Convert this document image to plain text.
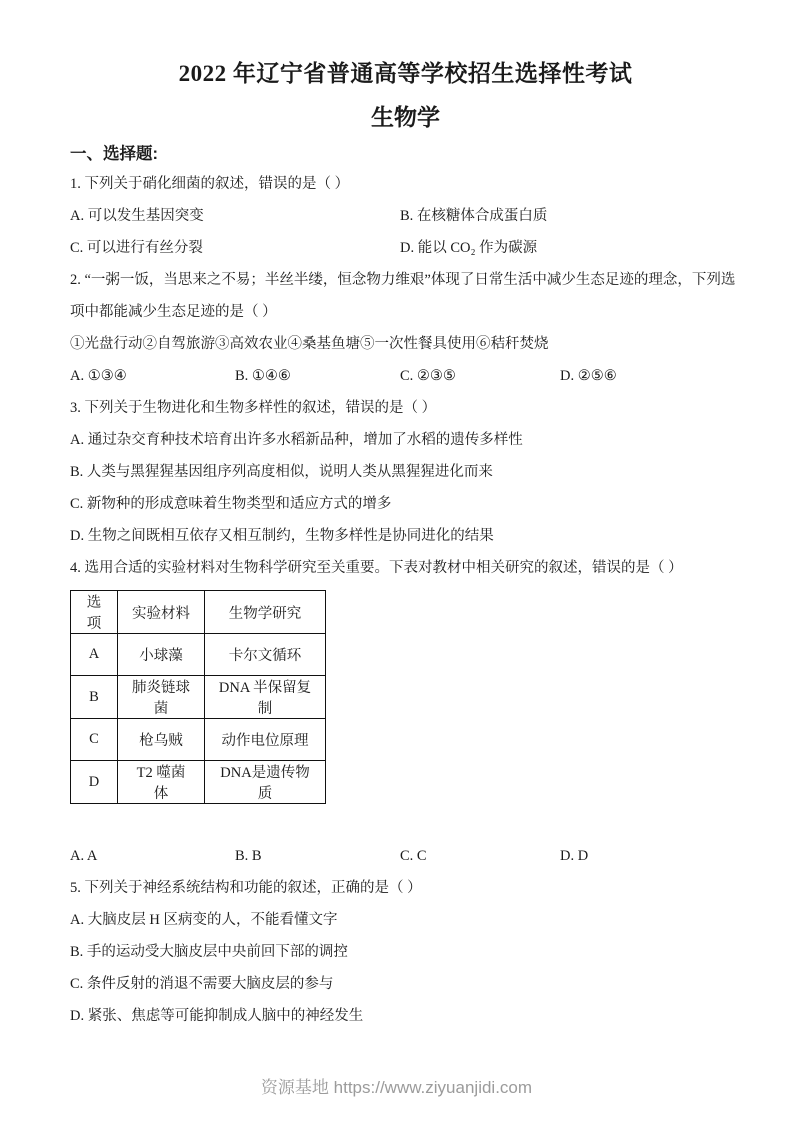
2022 年辽宁省普通高等学校招生选择性考试
生物学
一、选择题:
1. 下列关于硝化细菌的叙述，错误的是（ ）
A. 可以发生基因突变	B. 在核糖体合成蛋白质
C. 可以进行有丝分裂	D. 能以 CO₂ 作为碳源
2. “一粥一饭，当思来之不易；半丝半缕，恒念物力维艰”体现了日常生活中减少生态足迹的理念，下列选项中都能减少生态足迹的是（ ）
①光盘行动②自驾旅游③高效农业④桑基鱼塘⑤一次性餐具使用⑥秸秆焚烧
A. ①③④	B. ①④⑥	C. ②③⑤	D. ②⑤⑥
3. 下列关于生物进化和生物多样性的叙述，错误的是（ ）
A. 通过杂交育种技术培育出许多水稻新品种，增加了水稻的遗传多样性
B. 人类与黑猩猩基因组序列高度相似，说明人类从黑猩猩进化而来
C. 新物种的形成意味着生物类型和适应方式的增多
D. 生物之间既相互依存又相互制约，生物多样性是协同进化的结果
4. 选用合适的实验材料对生物科学研究至关重要。下表对教材中相关研究的叙述，错误的是（ ）
选项	实验材料	生物学研究
A	小球藻	卡尔文循环
B	肺炎链球菌	DNA 半保留复制
C	枪乌贼	动作电位原理
D	T2 噬菌体	DNA是遗传物质
A. A	B. B	C. C	D. D
5. 下列关于神经系统结构和功能的叙述，正确的是（ ）
A. 大脑皮层 H 区病变的人，不能看懂文字
B. 手的运动受大脑皮层中央前回下部的调控
C. 条件反射的消退不需要大脑皮层的参与
D. 紧张、焦虑等可能抑制成人脑中的神经发生
资源基地 https://www.ziyuanjidi.com
